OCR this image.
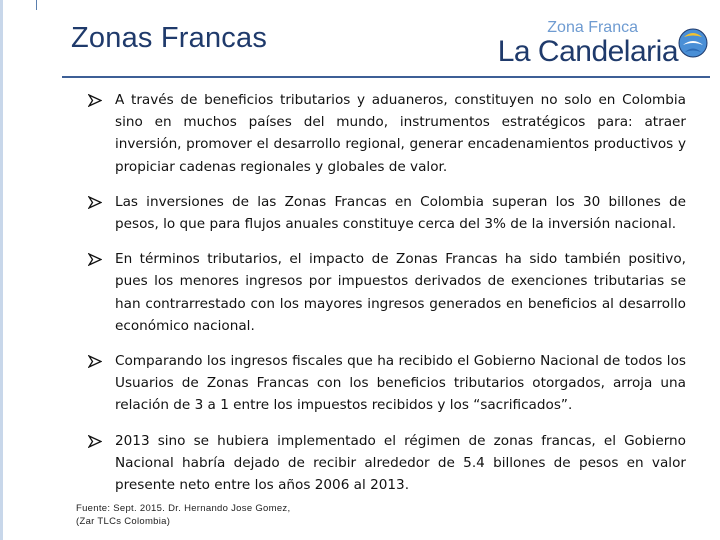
Zonas Francas	Zona Franca
La Candelaria
A través de beneficios tributarios y aduaneros, constituyen no solo en Colombia sino en muchos países del mundo, instrumentos estratégicos para: atraer inversión, promover el desarrollo regional, generar encadenamientos productivos y propiciar cadenas regionales y globales de valor.
Las inversiones de las Zonas Francas en Colombia superan los 30 billones de pesos, lo que para flujos anuales constituye cerca del 3% de la inversión nacional.
En términos tributarios, el impacto de Zonas Francas ha sido también positivo, pues los menores ingresos por impuestos derivados de exenciones tributarias se han contrarrestado con los mayores ingresos generados en beneficios al desarrollo económico nacional.
Comparando los ingresos fiscales que ha recibido el Gobierno Nacional de todos los Usuarios de Zonas Francas con los beneficios tributarios otorgados, arroja una relación de 3 a 1 entre los impuestos recibidos y los “sacrificados”.
2013 sino se hubiera implementado el régimen de zonas francas, el Gobierno Nacional habría dejado de recibir alrededor de 5.4 billones de pesos en valor presente neto entre los años 2006 al 2013.
Fuente: Sept. 2015. Dr. Hernando Jose Gomez,
(Zar TLCs Colombia)
